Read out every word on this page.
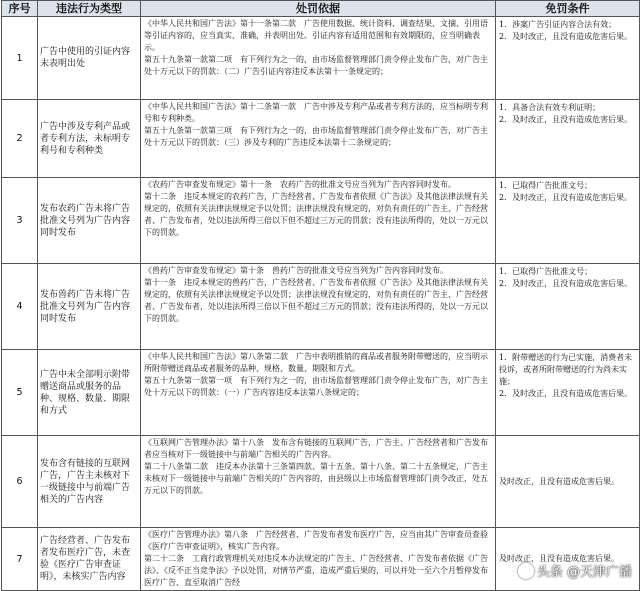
序号	违法行为类型	处罚依据	免罚条件
1	广告中使用的引证内容未表明出处	《中华人民共和国广告法》第十一条第二款　广告使用数据、统计资料、调查结果、文摘、引用语等引证内容的，应当真实、准确，并表明出处。引证内容有适用范围和有效期限的，应当明确表示。
第五十九条第一款第二项　有下列行为之一的，由市场监督管理部门责令停止发布广告，对广告主处十万元以下的罚款：（二）广告引证内容违反本法第十一条规定的；	1．涉案广告引证内容合法有效；
2．及时改正，且没有造成危害后果。

2	广告中涉及专利产品或者专利方法，未标明专利号和专利种类	《中华人民共和国广告法》第十二条第一款　广告中涉及专利产品或者专利方法的，应当标明专利号和专利种类。
第五十九条第一款第三项　有下列行为之一的，由市场监督管理部门责令停止发布广告，对广告主处十万元以下的罚款：（三）涉及专利的广告违反本法第十二条规定的；	1．具备合法有效专利证明；
2．及时改正，且没有造成危害后果。

3	发布农药广告未将广告批准文号列为广告内容同时发布	《农药广告审查发布规定》第十一条　农药广告的批准文号应当列为广告内容同时发布。
第十二条　违反本规定的农药广告，广告经营者、广告发布者依照《广告法》及其他法律法规有关规定的，依照有关法律法规规定予以处罚；法律法规没有规定的，对负有责任的广告主、广告经营者、广告发布者，处以违法所得三倍以下但不超过三万元的罚款；没有违法所得的，处以一万元以下的罚款。	1．已取得广告批准文号；
2．及时改正，且没有造成危害后果。

4	发布兽药广告未将广告批准文号列为广告内容同时发布	《兽药广告审查发布规定》第十条　兽药广告的批准文号应当列为广告内容同时发布。
第十一条　违反本规定的兽药广告，广告经营者、广告发布者依照《广告法》及其他法律法规有关规定的，依照有关法律法规规定予以处罚；法律法规没有规定的，对负有责任的广告主、广告经营者、广告发布者，处以违法所得三倍以下但不超过三万元的罚款；没有违法所得的，处以一万元以下的罚款。	1．已取得广告批准文号；
2．及时改正，且没有造成危害后果。

5	广告中未全部明示附带赠送商品或服务的品种、规格、数量、期限和方式	《中华人民共和国广告法》第八条第二款　广告中表明推销的商品或者服务附带赠送的，应当明示所附带赠送商品或者服务的品种、规格、数量、期限和方式。
第五十九条第一款第一项　有下列行为之一的，由市场监督管理部门责令停止发布广告，对广告主处十万元以下的罚款：（一）广告内容违反本法第八条规定的；	1．附带赠送的行为已实施，消费者未投诉，或者所附带赠送的行为尚未实施；
2．及时改正，且没有造成危害后果。

6	发布含有链接的互联网广告，广告主未核对下一级链接中与前端广告相关的广告内容	《互联网广告管理办法》第十八条　发布含有链接的互联网广告，广告主、广告经营者和广告发布者应当核对下一级链接中与前端广告相关的广告内容。
第二十八条第二款　违反本办法第十三条第四款、第十五条、第十八条、第二十五条规定，广告主未核对下一级链接中与前端广告相关的广告内容的，由县级以上市场监督管理部门责令改正，处五万元以下的罚款。	及时改正，且没有造成危害后果。

7	广告经营者、广告发布者发布医疗广告，未查验《医疗广告审查证明》，未核实广告内容	《医疗广告管理办法》第八条　广告经营者、广告发布者发布医疗广告，应当由其广告审查员查验《医疗广告审查证明》，核实广告内容。
第二十二条　工商行政管理机关对违反本办法规定的广告主、广告经营者、广告发布者依据《广告法》、《反不正当竞争法》予以处罚，对情节严重，造成严重后果的，可以并处一至六个月暂停发布医疗广告、直至取消广告经	及时改正，且没有造成危害后果。
头条 @天津广播
